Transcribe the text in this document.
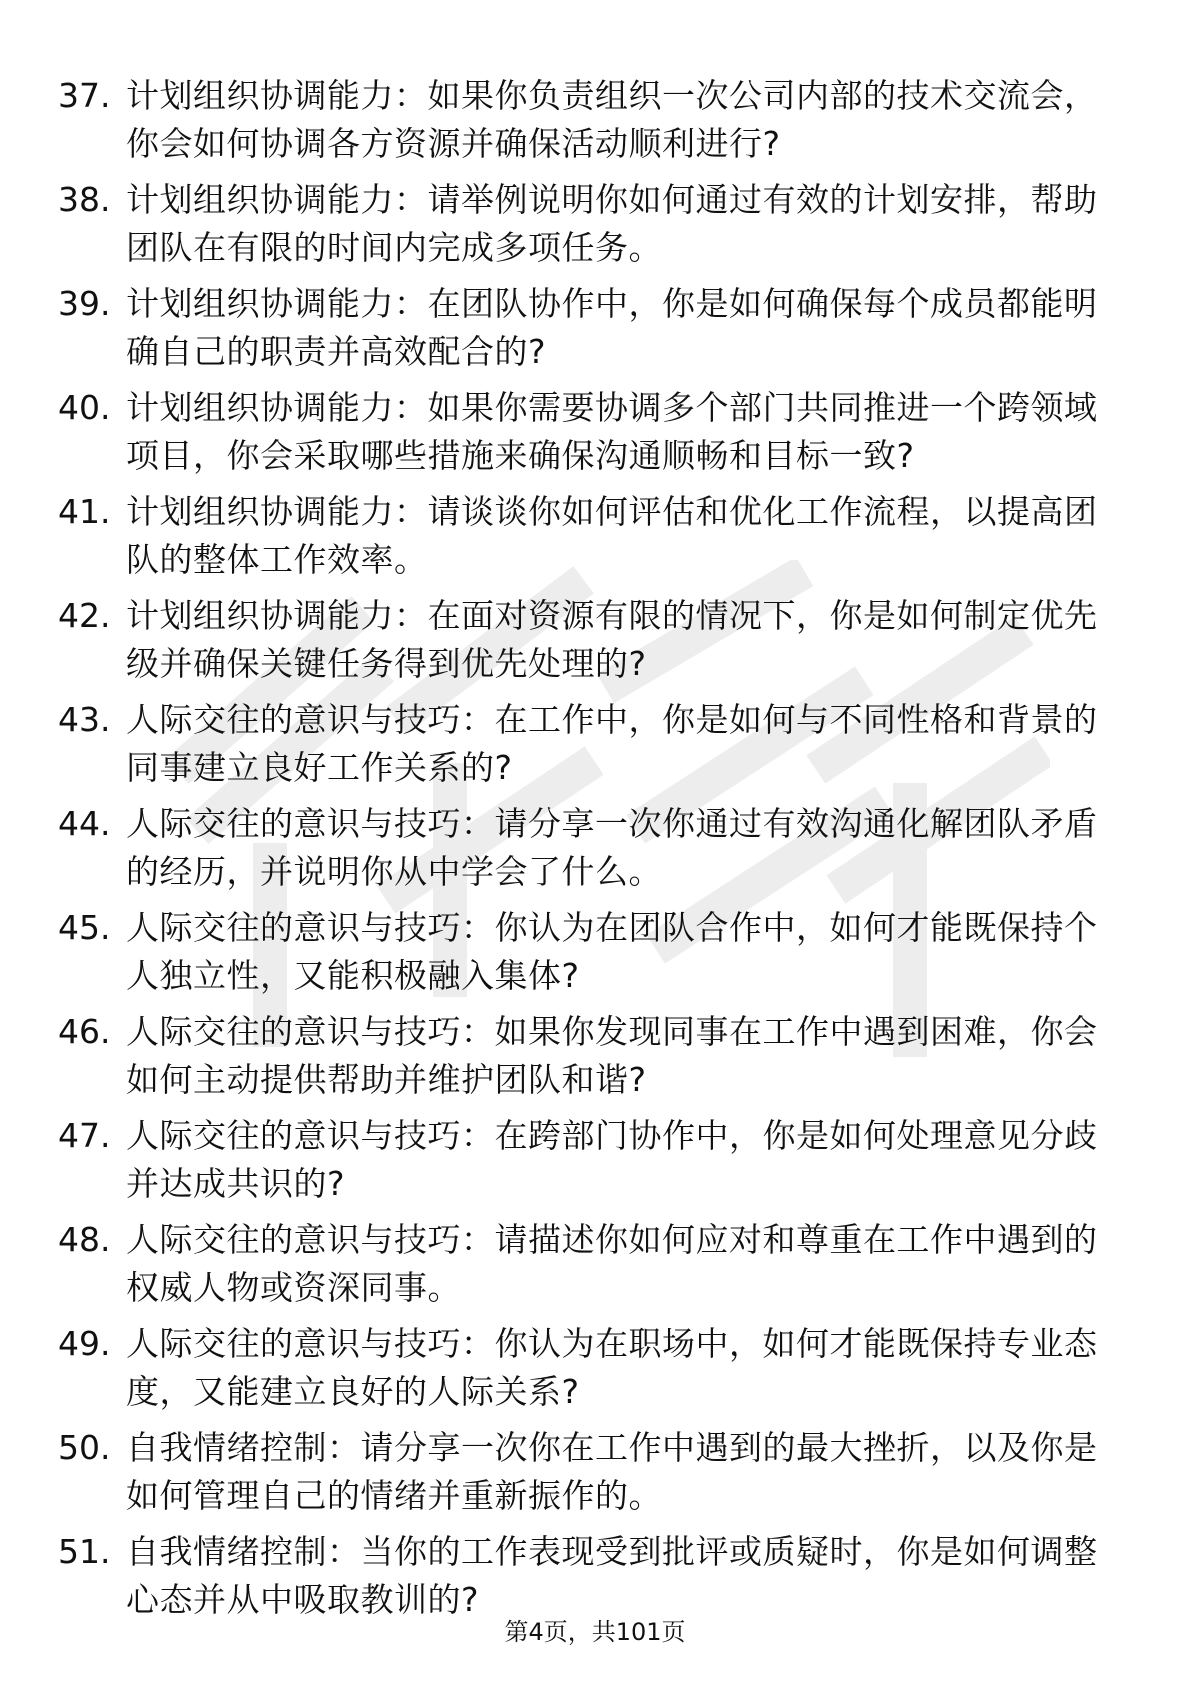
37. 计划组织协调能力：如果你负责组织一次公司内部的技术交流会，你会如何协调各方资源并确保活动顺利进行?
38. 计划组织协调能力：请举例说明你如何通过有效的计划安排，帮助团队在有限的时间内完成多项任务。
39. 计划组织协调能力：在团队协作中，你是如何确保每个成员都能明确自己的职责并高效配合的?
40. 计划组织协调能力：如果你需要协调多个部门共同推进一个跨领域项目，你会采取哪些措施来确保沟通顺畅和目标一致?
41. 计划组织协调能力：请谈谈你如何评估和优化工作流程，以提高团队的整体工作效率。
42. 计划组织协调能力：在面对资源有限的情况下，你是如何制定优先级并确保关键任务得到优先处理的?
43. 人际交往的意识与技巧：在工作中，你是如何与不同性格和背景的同事建立良好工作关系的?
44. 人际交往的意识与技巧：请分享一次你通过有效沟通化解团队矛盾的经历，并说明你从中学会了什么。
45. 人际交往的意识与技巧：你认为在团队合作中，如何才能既保持个人独立性，又能积极融入集体?
46. 人际交往的意识与技巧：如果你发现同事在工作中遇到困难，你会如何主动提供帮助并维护团队和谐?
47. 人际交往的意识与技巧：在跨部门协作中，你是如何处理意见分歧并达成共识的?
48. 人际交往的意识与技巧：请描述你如何应对和尊重在工作中遇到的权威人物或资深同事。
49. 人际交往的意识与技巧：你认为在职场中，如何才能既保持专业态度，又能建立良好的人际关系?
50. 自我情绪控制：请分享一次你在工作中遇到的最大挫折，以及你是如何管理自己的情绪并重新振作的。
51. 自我情绪控制：当你的工作表现受到批评或质疑时，你是如何调整心态并从中吸取教训的?
第4页，共101页
